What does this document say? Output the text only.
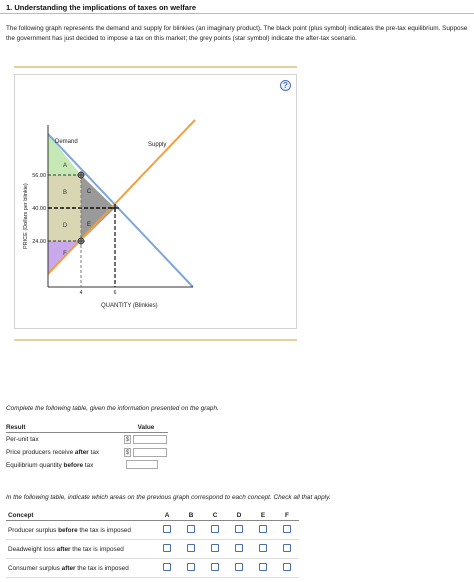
1. Understanding the implications of taxes on welfare
The following graph represents the demand and supply for blinkies (an imaginary product). The black point (plus symbol) indicates the pre-tax equilibrium. Suppose the government has just decided to impose a tax on this market; the grey points (star symbol) indicate the after-tax scenario.
?
Demand	Supply
QUANTITY (Blinkies)
PRICE (Dollars per blinkie)
56.00
40.00
24.00
4	6
A
B	C
D	E
F
Complete the following table, given the information presented on the graph.
Result	Value
Per-unit tax	$

Price producers receive after tax	$

Equilibrium quantity before tax	
In the following table, indicate which areas on the previous graph correspond to each concept. Check all that apply.
Concept	A	B	C	D	E	F
Producer surplus before the tax is imposed						
Deadweight loss after the tax is imposed						
Consumer surplus after the tax is imposed						
